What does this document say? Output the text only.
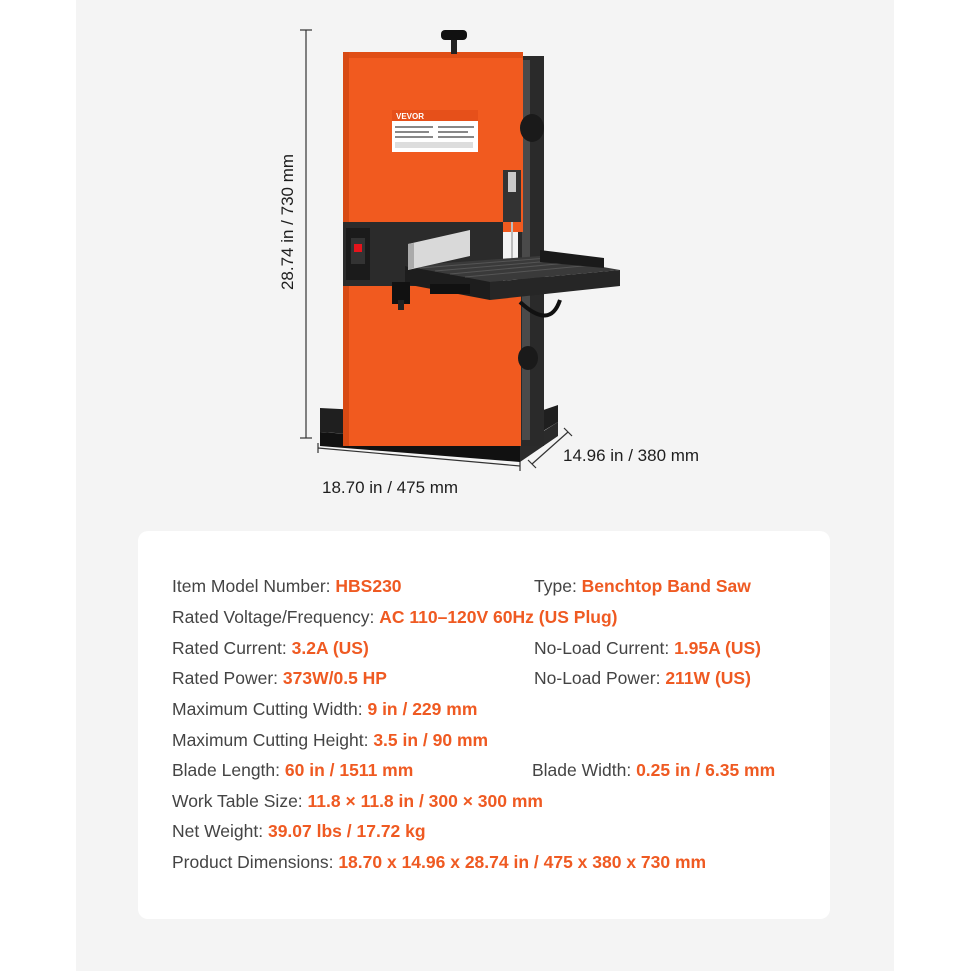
VEVOR
28.74 in / 730 mm
14.96 in / 380 mm
18.70 in / 475 mm
Item Model Number: HBS230	Type: Benchtop Band Saw
Rated Voltage/Frequency: AC 110–120V 60Hz (US Plug)
Rated Current: 3.2A (US)	No-Load Current: 1.95A (US)
Rated Power: 373W/0.5 HP	No-Load Power: 211W (US)
Maximum Cutting Width: 9 in / 229 mm
Maximum Cutting Height: 3.5 in / 90 mm
Blade Length: 60 in / 1511 mm	Blade Width: 0.25 in / 6.35 mm
Work Table Size: 11.8 × 11.8 in / 300 × 300 mm
Net Weight: 39.07 lbs / 17.72 kg
Product Dimensions: 18.70 x 14.96 x 28.74 in / 475 x 380 x 730 mm
